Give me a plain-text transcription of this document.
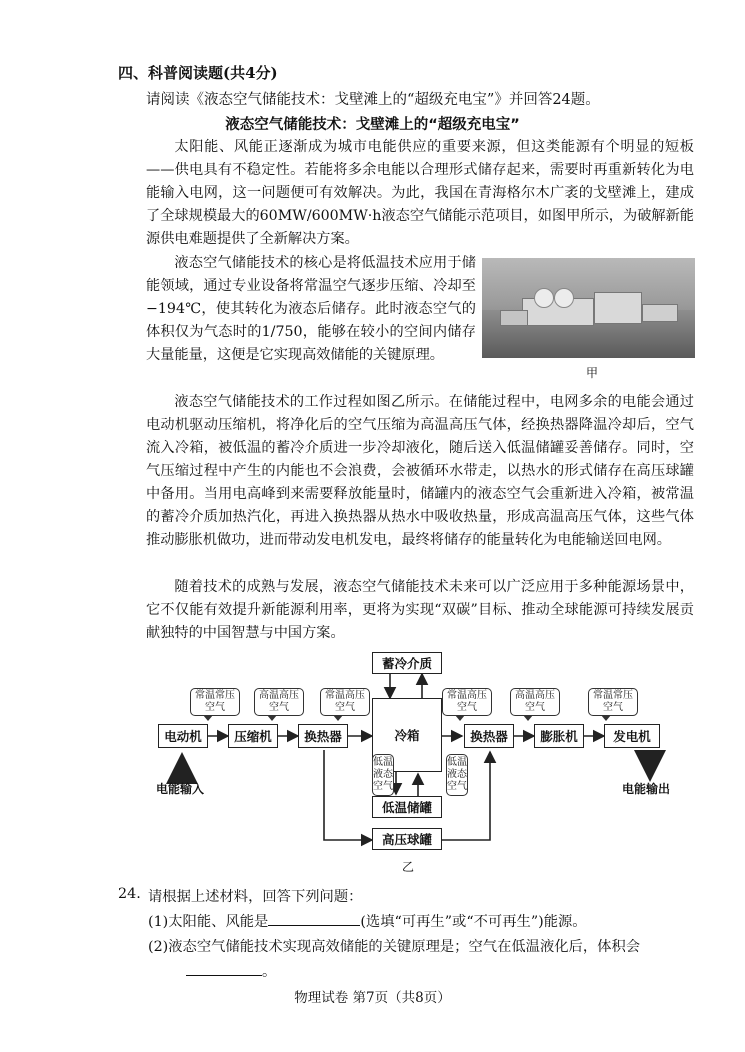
四、科普阅读题(共4分)
请阅读《液态空气储能技术：戈壁滩上的“超级充电宝”》并回答24题。
液态空气储能技术：戈壁滩上的“超级充电宝”

太阳能、风能正逐渐成为城市电能供应的重要来源，但这类能源有个明显的短板——供电具有不稳定性。若能将多余电能以合理形式储存起来，需要时再重新转化为电能输入电网，这一问题便可有效解决。为此，我国在青海格尔木广袤的戈壁滩上，建成了全球规模最大的60MW/600MW·h液态空气储能示范项目，如图甲所示，为破解新能源供电难题提供了全新解决方案。

液态空气储能技术的核心是将低温技术应用于储能领域，通过专业设备将常温空气逐步压缩、冷却至−194℃，使其转化为液态后储存。此时液态空气的体积仅为气态时的1/750，能够在较小的空间内储存大量能量，这便是它实现高效储能的关键原理。

甲

液态空气储能技术的工作过程如图乙所示。在储能过程中，电网多余的电能会通过电动机驱动压缩机，将净化后的空气压缩为高温高压气体，经换热器降温冷却后，空气流入冷箱，被低温的蓄冷介质进一步冷却液化，随后送入低温储罐妥善储存。同时，空气压缩过程中产生的内能也不会浪费，会被循环水带走，以热水的形式储存在高压球罐中备用。当用电高峰到来需要释放能量时，储罐内的液态空气会重新进入冷箱，被常温的蓄冷介质加热汽化，再进入换热器从热水中吸收热量，形成高温高压气体，这些气体推动膨胀机做功，进而带动发电机发电，最终将储存的能量转化为电能输送回电网。

随着技术的成熟与发展，液态空气储能技术未来可以广泛应用于多种能源场景中，它不仅能有效提升新能源利用率，更将为实现“双碳”目标、推动全球能源可持续发展贡献独特的中国智慧与中国方案。

电动机	压缩机	换热器	冷箱	换热器	膨胀机	发电机
蓄冷介质
低温储罐
高压球罐
常温常压空气
高温高压空气
常温高压空气
常温高压空气
高温高压空气
常温常压空气
低温液态空气
低温液态空气
电能输入	电能输出
乙
24. 请根据上述材料，回答下列问题：
(1)太阳能、风能是	(选填“可再生”或“不可再生”)能源。
(2)液态空气储能技术实现高效储能的关键原理是；空气在低温液化后，体积会
。
物理试卷 第7页（共8页）
